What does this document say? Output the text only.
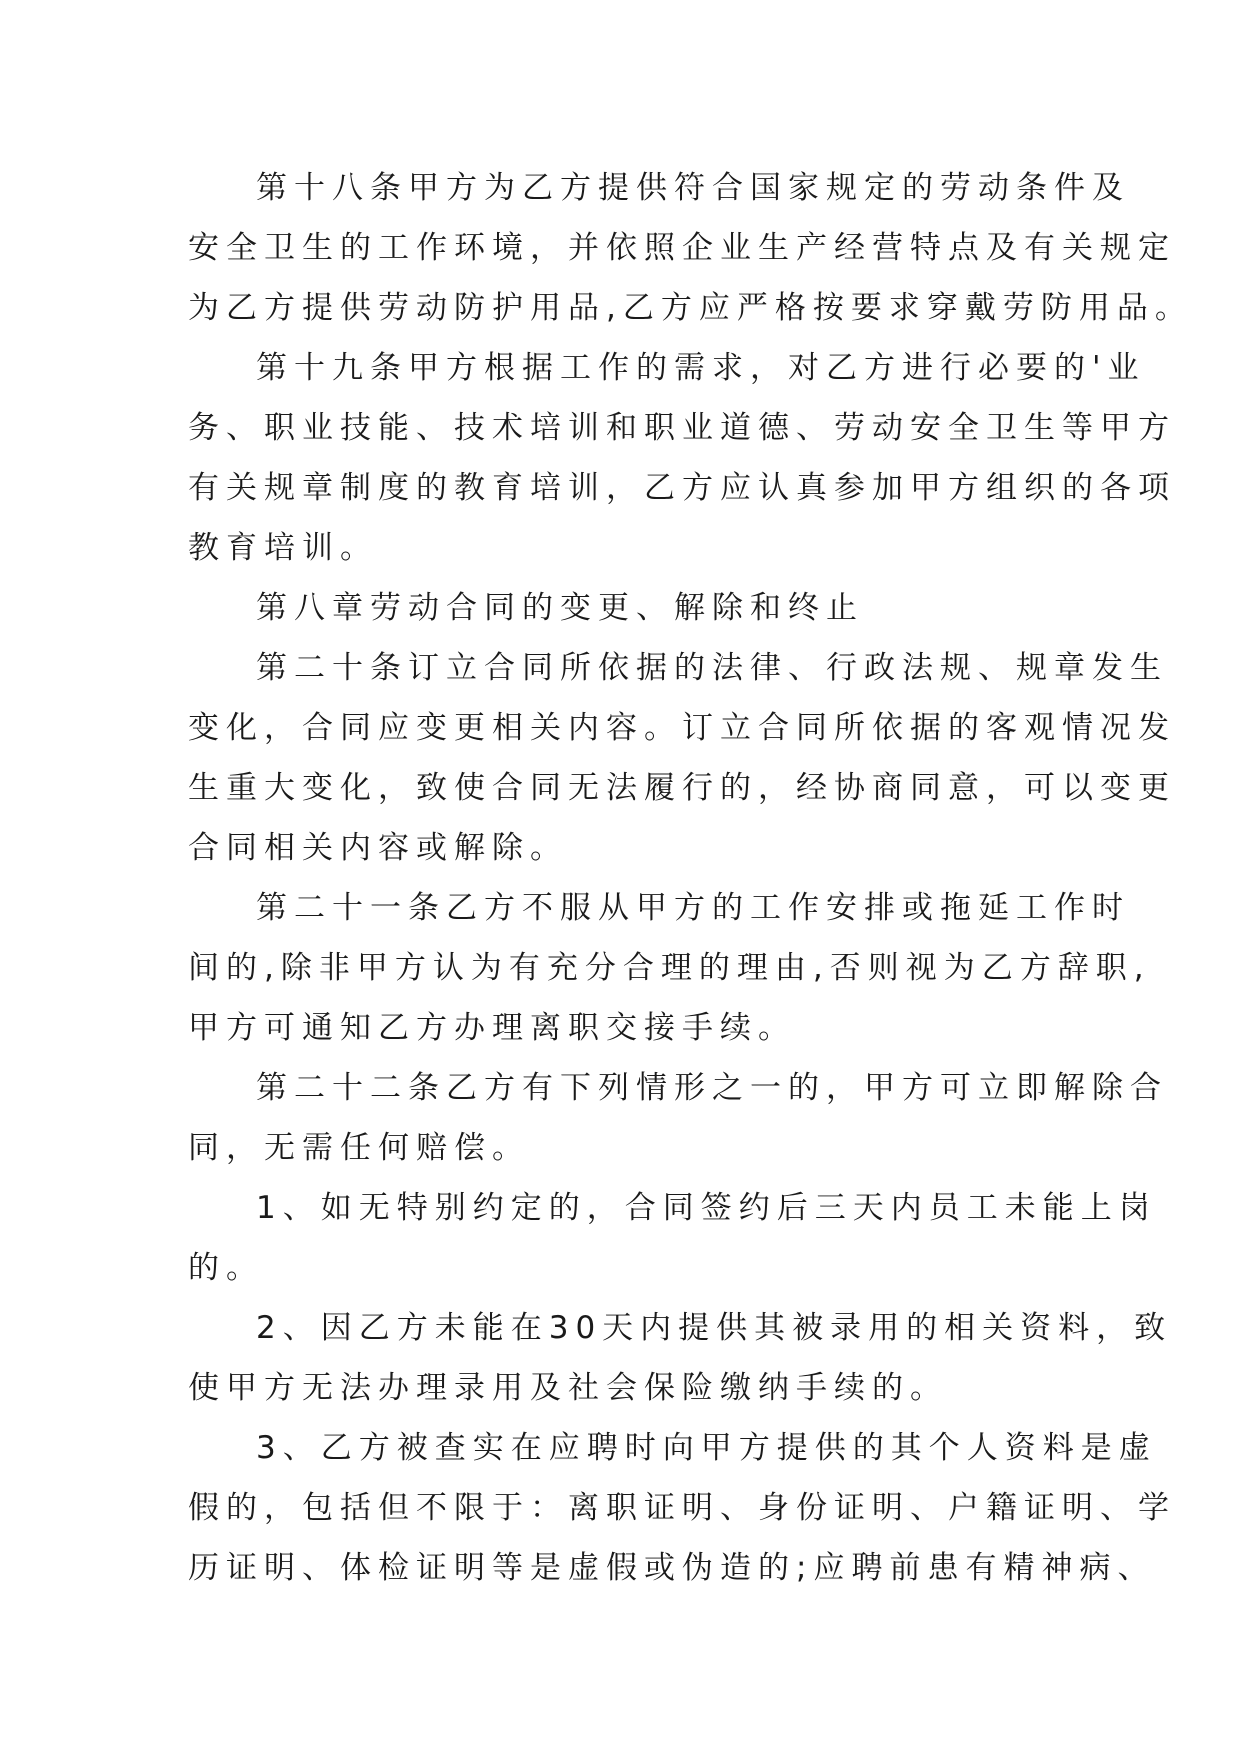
第十八条甲方为乙方提供符合国家规定的劳动条件及
安全卫生的工作环境，并依照企业生产经营特点及有关规定
为乙方提供劳动防护用品,乙方应严格按要求穿戴劳防用品。

第十九条甲方根据工作的需求，对乙方进行必要的'业
务、职业技能、技术培训和职业道德、劳动安全卫生等甲方
有关规章制度的教育培训，乙方应认真参加甲方组织的各项
教育培训。

第八章劳动合同的变更、解除和终止

第二十条订立合同所依据的法律、行政法规、规章发生
变化，合同应变更相关内容。订立合同所依据的客观情况发
生重大变化，致使合同无法履行的，经协商同意，可以变更
合同相关内容或解除。

第二十一条乙方不服从甲方的工作安排或拖延工作时
间的,除非甲方认为有充分合理的理由,否则视为乙方辞职,
甲方可通知乙方办理离职交接手续。

第二十二条乙方有下列情形之一的，甲方可立即解除合
同，无需任何赔偿。

1、如无特别约定的，合同签约后三天内员工未能上岗
的。

2、因乙方未能在30天内提供其被录用的相关资料，致
使甲方无法办理录用及社会保险缴纳手续的。

3、乙方被查实在应聘时向甲方提供的其个人资料是虚
假的，包括但不限于：离职证明、身份证明、户籍证明、学
历证明、体检证明等是虚假或伪造的;应聘前患有精神病、
